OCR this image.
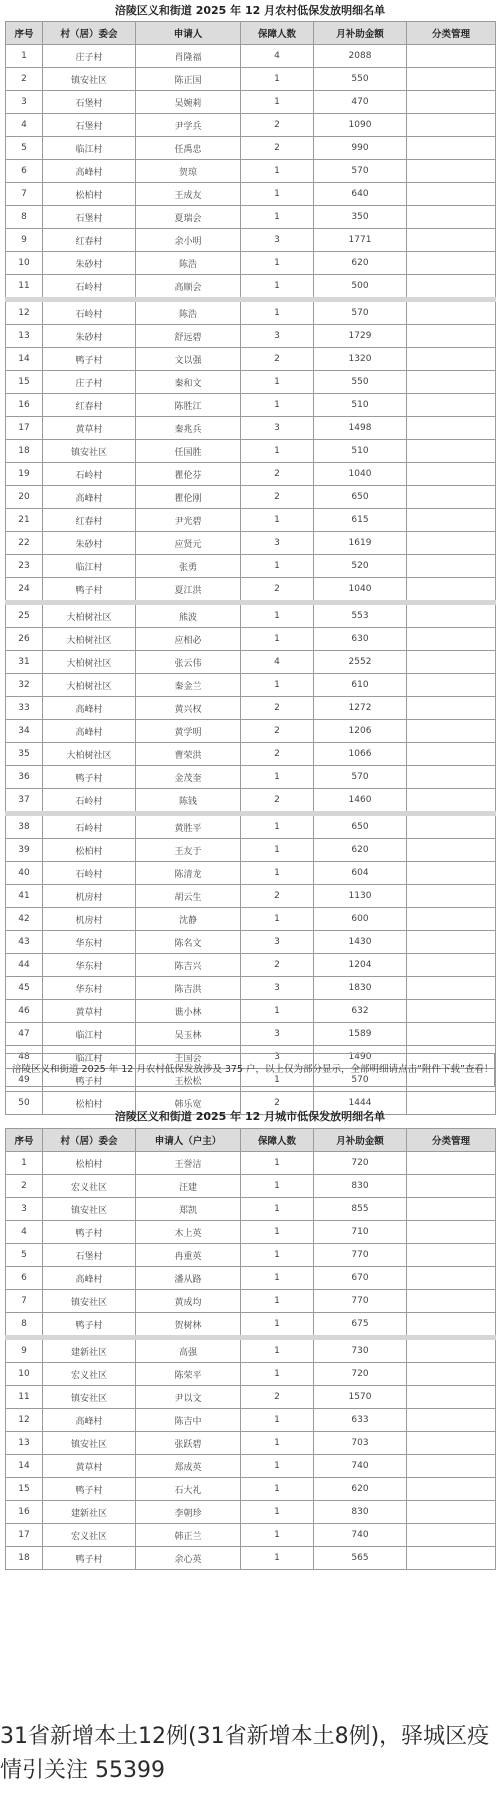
涪陵区义和街道 2025 年 12 月农村低保发放明细名单
序号	村（居）委会	申请人	保障人数	月补助金额	分类管理
1	庄子村	肖隆福	4	2088	
2	镇安社区	陈正国	1	550	
3	石堡村	吴婉莉	1	470	
4	石堡村	尹学兵	2	1090	
5	临江村	任禹忠	2	990	
6	高峰村	贺琼	1	570	
7	松柏村	王成友	1	640	
8	石堡村	夏瑞会	1	350	
9	红春村	余小明	3	1771	
10	朱砂村	陈浩	1	620	
11	石岭村	高顺会	1	500	
12	石岭村	陈浩	1	570	
13	朱砂村	舒远碧	3	1729	
14	鸭子村	文以强	2	1320	
15	庄子村	秦和文	1	550	
16	红春村	陈胜江	1	510	
17	黄草村	秦兆兵	3	1498	
18	镇安社区	任国胜	1	510	
19	石岭村	瞿伦芬	2	1040	
20	高峰村	瞿伦刚	2	650	
21	红春村	尹光碧	1	615	
22	朱砂村	应贤元	3	1619	
23	临江村	张勇	1	520	
24	鸭子村	夏江洪	2	1040	
25	大柏树社区	熊波	1	553	
26	大柏树社区	应相必	1	630	
31	大柏树社区	张云伟	4	2552	
32	大柏树社区	秦金兰	1	610	
33	高峰村	黄兴权	2	1272	
34	高峰村	黄学明	2	1206	
35	大柏树社区	曹荣洪	2	1066	
36	鸭子村	金茂奎	1	570	
37	石岭村	陈钱	2	1460	
38	石岭村	黄胜平	1	650	
39	松柏村	王友于	1	620	
40	石岭村	陈清龙	1	604	
41	机房村	胡云生	2	1130	
42	机房村	沈静	1	600	
43	华东村	陈名文	3	1430	
44	华东村	陈吉兴	2	1204	
45	华东村	陈吉洪	3	1830	
46	黄草村	谯小林	1	632	
47	临江村	吴玉林	3	1589	
48	临江村	王国会	3	1490	
49	鸭子村	王松松	1	570	
50	松柏村	韩乐宽	2	1444	
涪陵区义和街道 2025 年 12 月农村低保发放涉及 375 户，以上仅为部分显示，全部明细请点击“附件下载”查看！
涪陵区义和街道 2025 年 12 月城市低保发放明细名单
序号	村（居）委会	申请人（户主）	保障人数	月补助金额	分类管理
1	松柏村	王誉洁	1	720	
2	宏义社区	汪建	1	830	
3	镇安社区	郑凯	1	855	
4	鸭子村	木上英	1	710	
5	石堡村	冉重英	1	770	
6	高峰村	潘从路	1	670	
7	镇安社区	黄成均	1	770	
8	鸭子村	贺树林	1	675	
9	建新社区	高强	1	730	
10	宏义社区	陈荣平	1	720	
11	镇安社区	尹以文	2	1570	
12	高峰村	陈吉中	1	633	
13	镇安社区	张跃碧	1	703	
14	黄草村	郑成英	1	740	
15	鸭子村	石大礼	1	620	
16	建新社区	李朝珍	1	830	
17	宏义社区	韩正兰	1	740	
18	鸭子村	余心英	1	565	
31省新增本土12例(31省新增本土8例)，驿城区疫情引关注 55399
